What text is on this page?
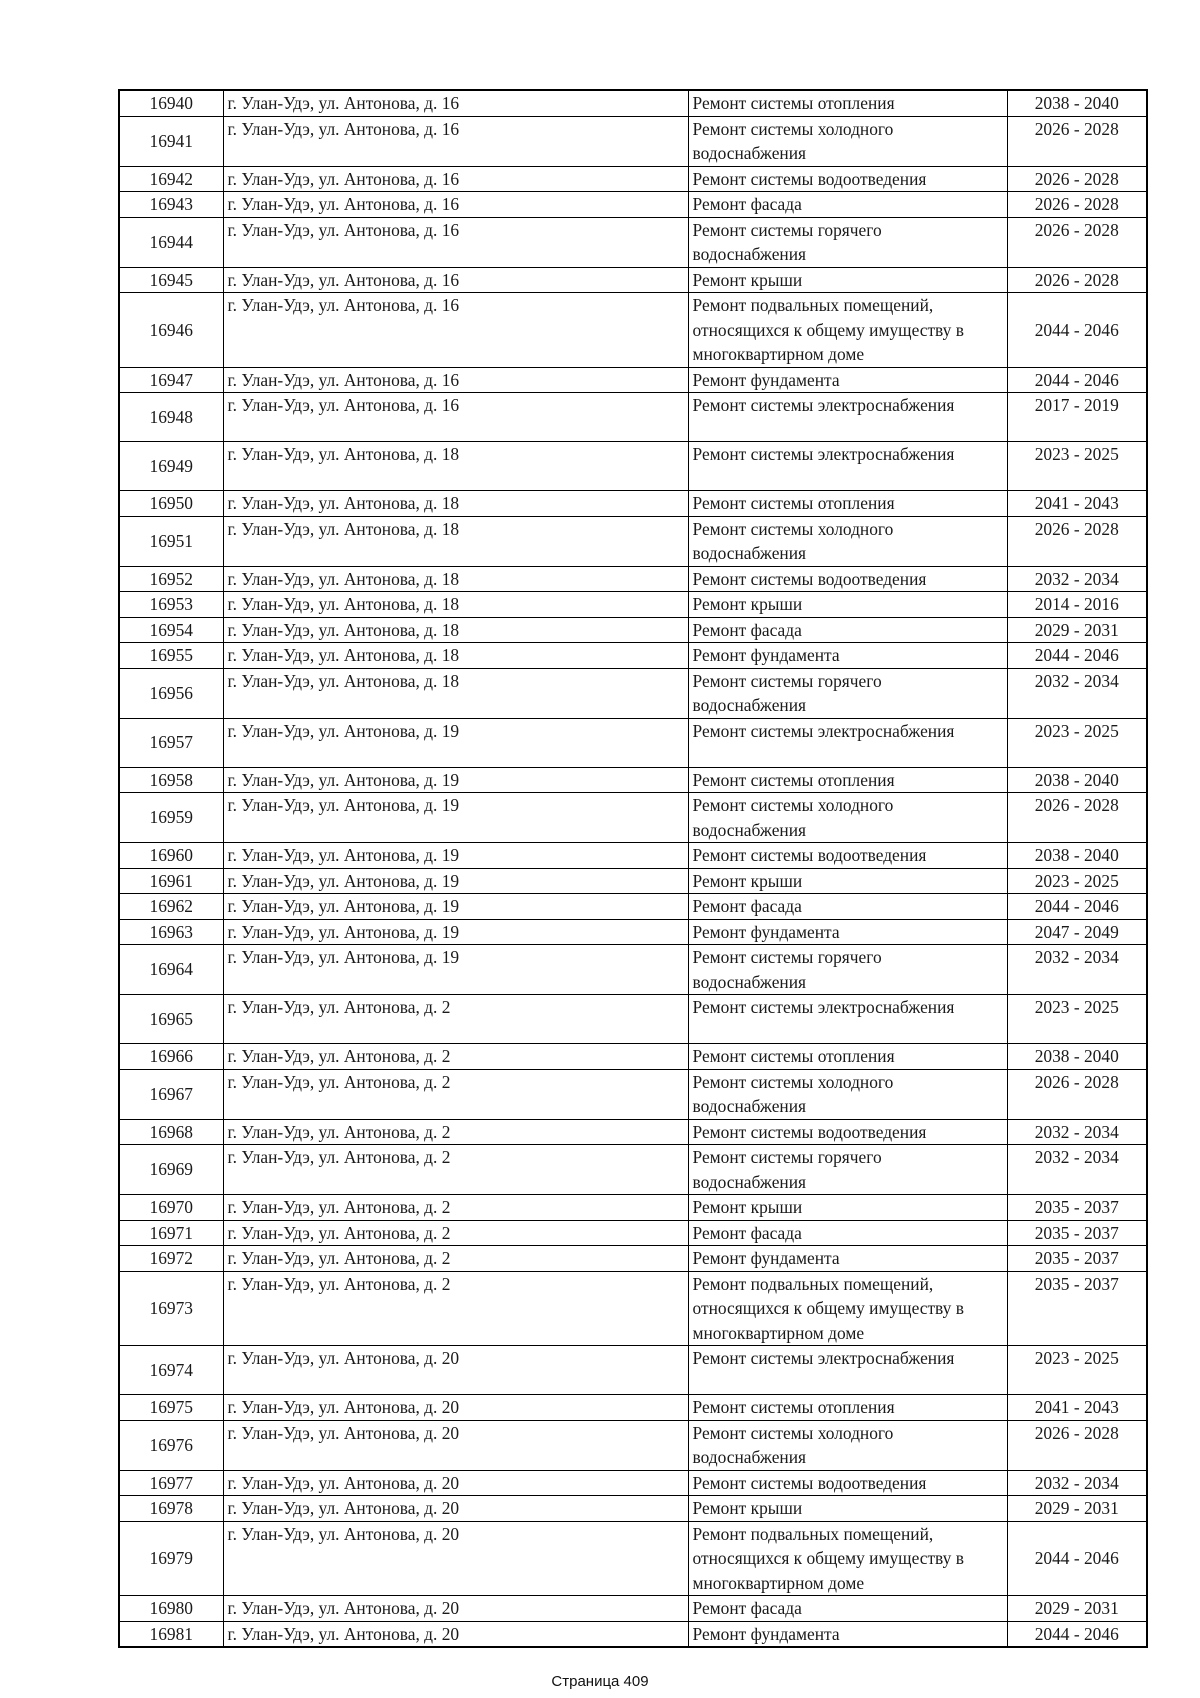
16940	г. Улан-Удэ, ул. Антонова, д. 16	Ремонт системы отопления	2038 - 2040
16941	г. Улан-Удэ, ул. Антонова, д. 16	Ремонт системы холодного
водоснабжения	2026 - 2028
16942	г. Улан-Удэ, ул. Антонова, д. 16	Ремонт системы водоотведения	2026 - 2028
16943	г. Улан-Удэ, ул. Антонова, д. 16	Ремонт фасада	2026 - 2028
16944	г. Улан-Удэ, ул. Антонова, д. 16	Ремонт системы горячего
водоснабжения	2026 - 2028
16945	г. Улан-Удэ, ул. Антонова, д. 16	Ремонт крыши	2026 - 2028
16946	г. Улан-Удэ, ул. Антонова, д. 16	Ремонт подвальных помещений,
относящихся к общему имуществу в
многоквартирном доме	2044 - 2046
16947	г. Улан-Удэ, ул. Антонова, д. 16	Ремонт фундамента	2044 - 2046
16948	г. Улан-Удэ, ул. Антонова, д. 16	Ремонт системы электроснабжения	2017 - 2019
16949	г. Улан-Удэ, ул. Антонова, д. 18	Ремонт системы электроснабжения	2023 - 2025
16950	г. Улан-Удэ, ул. Антонова, д. 18	Ремонт системы отопления	2041 - 2043
16951	г. Улан-Удэ, ул. Антонова, д. 18	Ремонт системы холодного
водоснабжения	2026 - 2028
16952	г. Улан-Удэ, ул. Антонова, д. 18	Ремонт системы водоотведения	2032 - 2034
16953	г. Улан-Удэ, ул. Антонова, д. 18	Ремонт крыши	2014 - 2016
16954	г. Улан-Удэ, ул. Антонова, д. 18	Ремонт фасада	2029 - 2031
16955	г. Улан-Удэ, ул. Антонова, д. 18	Ремонт фундамента	2044 - 2046
16956	г. Улан-Удэ, ул. Антонова, д. 18	Ремонт системы горячего
водоснабжения	2032 - 2034
16957	г. Улан-Удэ, ул. Антонова, д. 19	Ремонт системы электроснабжения	2023 - 2025
16958	г. Улан-Удэ, ул. Антонова, д. 19	Ремонт системы отопления	2038 - 2040
16959	г. Улан-Удэ, ул. Антонова, д. 19	Ремонт системы холодного
водоснабжения	2026 - 2028
16960	г. Улан-Удэ, ул. Антонова, д. 19	Ремонт системы водоотведения	2038 - 2040
16961	г. Улан-Удэ, ул. Антонова, д. 19	Ремонт крыши	2023 - 2025
16962	г. Улан-Удэ, ул. Антонова, д. 19	Ремонт фасада	2044 - 2046
16963	г. Улан-Удэ, ул. Антонова, д. 19	Ремонт фундамента	2047 - 2049
16964	г. Улан-Удэ, ул. Антонова, д. 19	Ремонт системы горячего
водоснабжения	2032 - 2034
16965	г. Улан-Удэ, ул. Антонова, д. 2	Ремонт системы электроснабжения	2023 - 2025
16966	г. Улан-Удэ, ул. Антонова, д. 2	Ремонт системы отопления	2038 - 2040
16967	г. Улан-Удэ, ул. Антонова, д. 2	Ремонт системы холодного
водоснабжения	2026 - 2028
16968	г. Улан-Удэ, ул. Антонова, д. 2	Ремонт системы водоотведения	2032 - 2034
16969	г. Улан-Удэ, ул. Антонова, д. 2	Ремонт системы горячего
водоснабжения	2032 - 2034
16970	г. Улан-Удэ, ул. Антонова, д. 2	Ремонт крыши	2035 - 2037
16971	г. Улан-Удэ, ул. Антонова, д. 2	Ремонт фасада	2035 - 2037
16972	г. Улан-Удэ, ул. Антонова, д. 2	Ремонт фундамента	2035 - 2037
16973	г. Улан-Удэ, ул. Антонова, д. 2	Ремонт подвальных помещений,
относящихся к общему имуществу в
многоквартирном доме	2035 - 2037
16974	г. Улан-Удэ, ул. Антонова, д. 20	Ремонт системы электроснабжения	2023 - 2025
16975	г. Улан-Удэ, ул. Антонова, д. 20	Ремонт системы отопления	2041 - 2043
16976	г. Улан-Удэ, ул. Антонова, д. 20	Ремонт системы холодного
водоснабжения	2026 - 2028
16977	г. Улан-Удэ, ул. Антонова, д. 20	Ремонт системы водоотведения	2032 - 2034
16978	г. Улан-Удэ, ул. Антонова, д. 20	Ремонт крыши	2029 - 2031
16979	г. Улан-Удэ, ул. Антонова, д. 20	Ремонт подвальных помещений,
относящихся к общему имуществу в
многоквартирном доме	2044 - 2046
16980	г. Улан-Удэ, ул. Антонова, д. 20	Ремонт фасада	2029 - 2031
16981	г. Улан-Удэ, ул. Антонова, д. 20	Ремонт фундамента	2044 - 2046
Страница 409
